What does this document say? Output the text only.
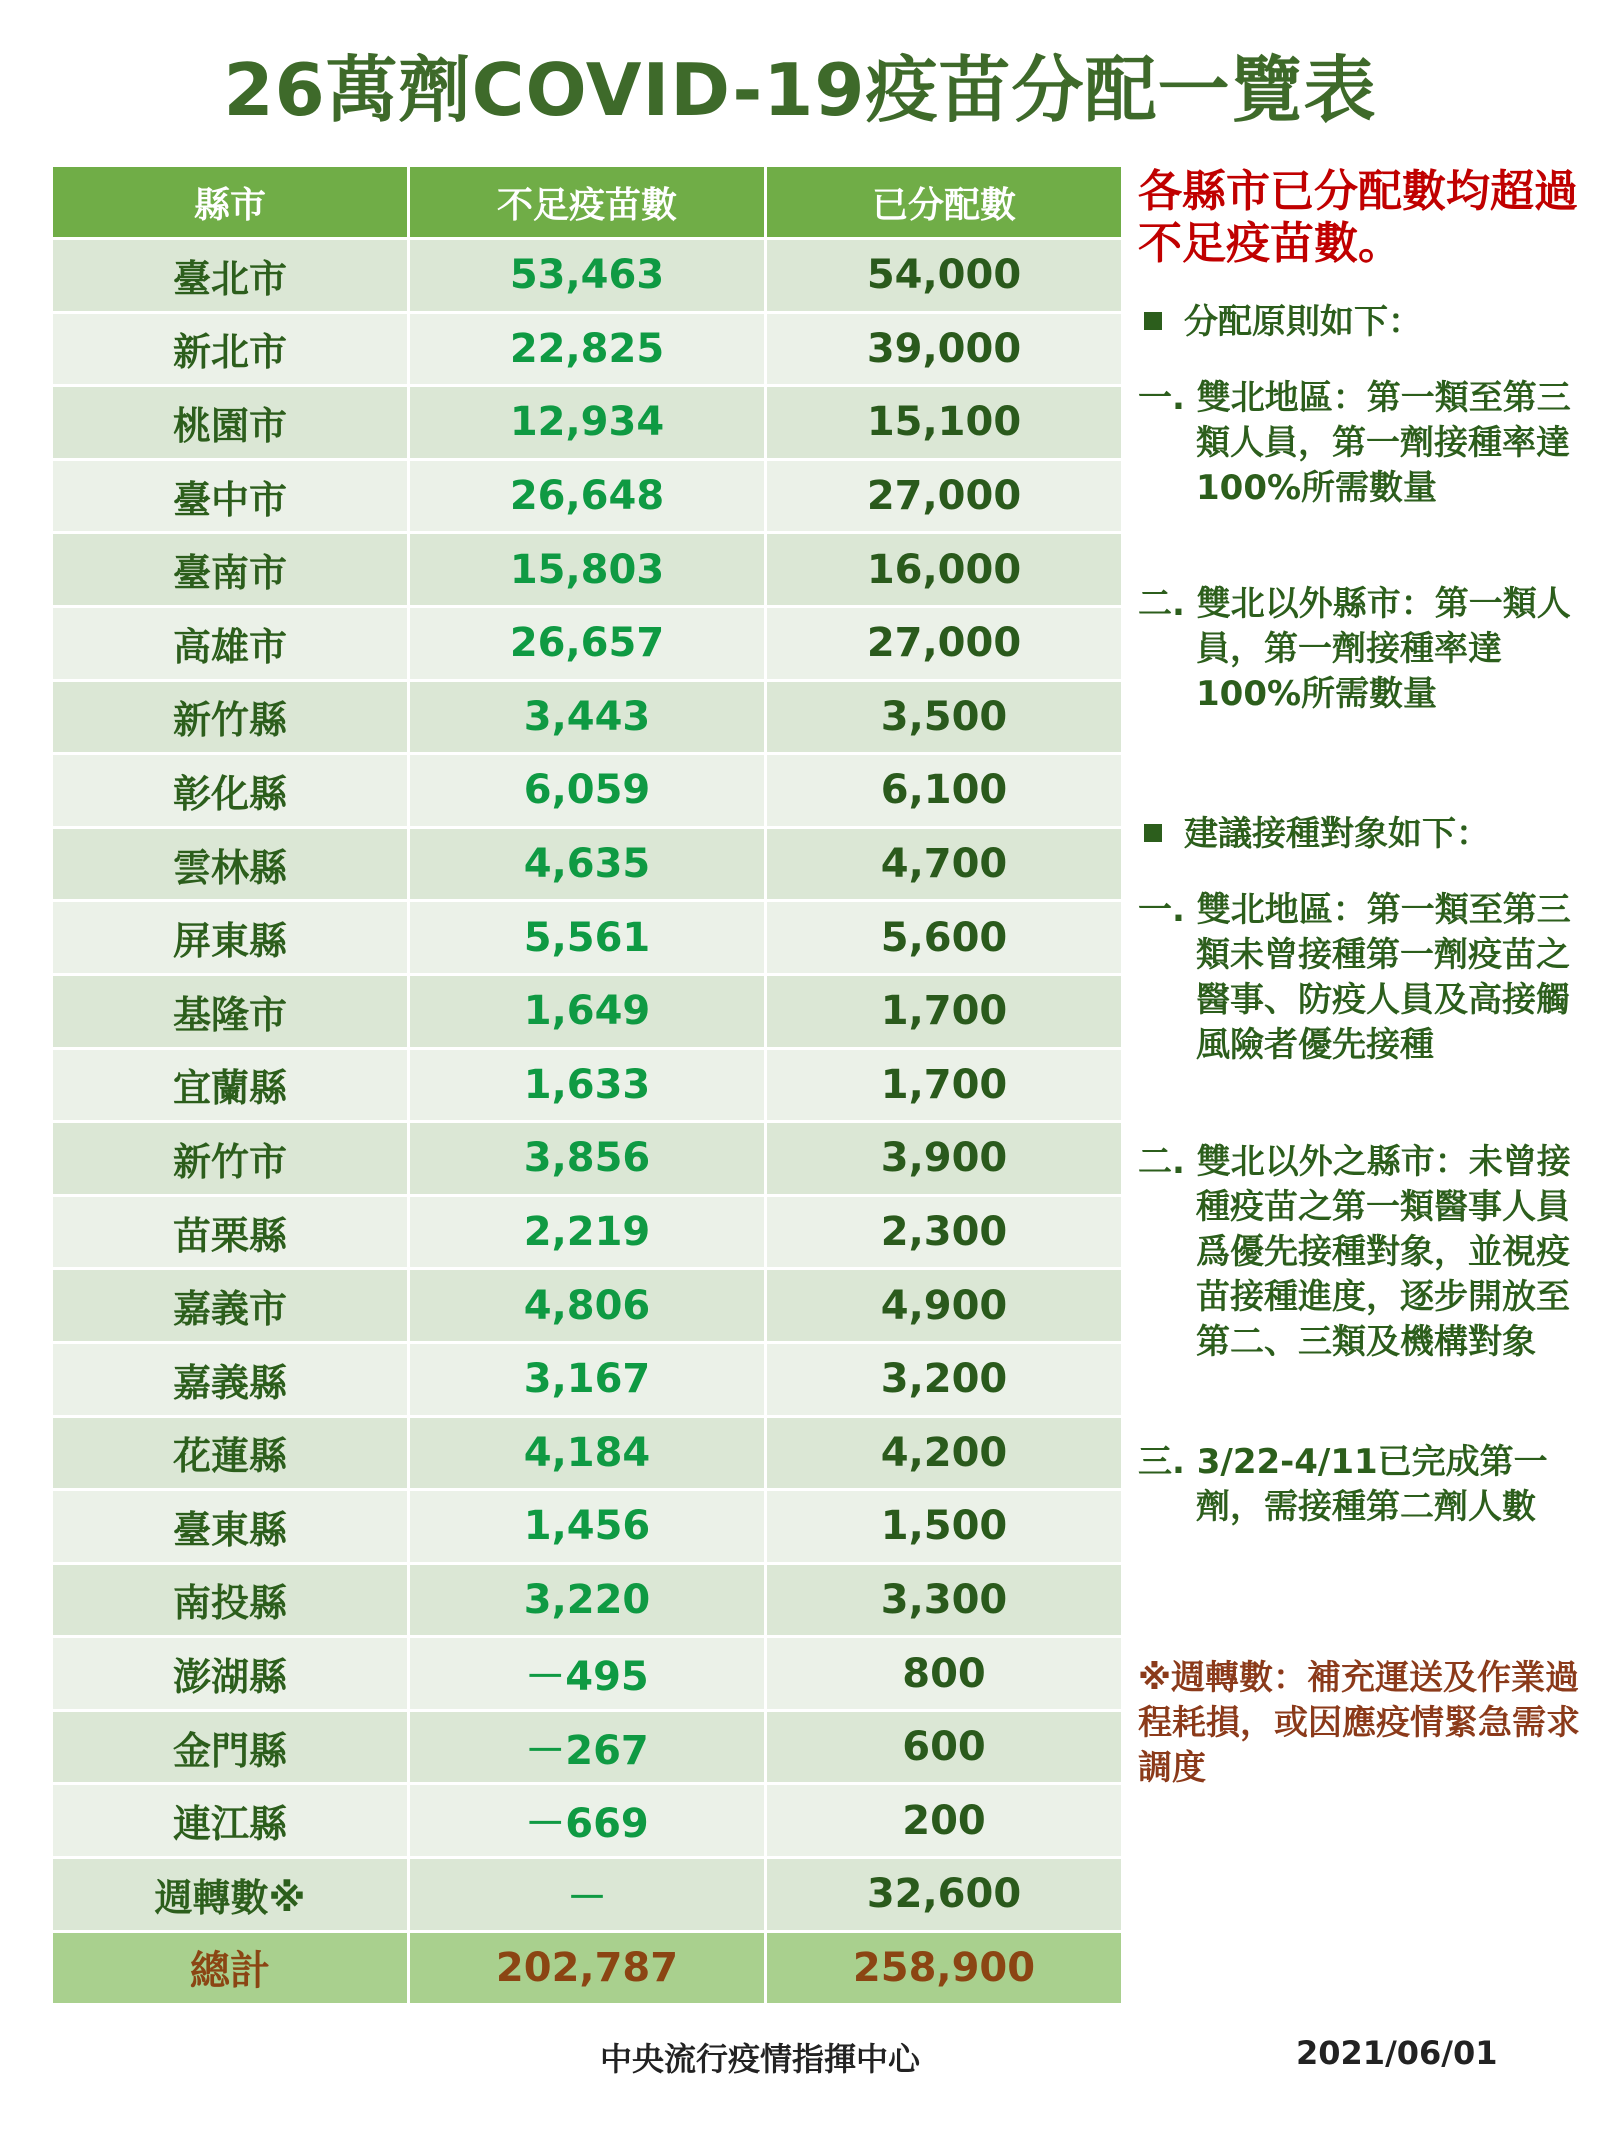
26萬劑COVID-19疫苗分配一覽表
縣市	不足疫苗數	已分配數
臺北市	53,463	54,000
新北市	22,825	39,000
桃園市	12,934	15,100
臺中市	26,648	27,000
臺南市	15,803	16,000
高雄市	26,657	27,000
新竹縣	3,443	3,500
彰化縣	6,059	6,100
雲林縣	4,635	4,700
屏東縣	5,561	5,600
基隆市	1,649	1,700
宜蘭縣	1,633	1,700
新竹市	3,856	3,900
苗栗縣	2,219	2,300
嘉義市	4,806	4,900
嘉義縣	3,167	3,200
花蓮縣	4,184	4,200
臺東縣	1,456	1,500
南投縣	3,220	3,300
澎湖縣	－495	800
金門縣	－267	600
連江縣	－669	200
週轉數※	－	32,600
總計	202,787	258,900
各縣市已分配數均超過不足疫苗數。
分配原則如下：
一. 雙北地區：第一類至第三類人員，第一劑接種率達100%所需數量
二. 雙北以外縣市：第一類人員，第一劑接種率達100%所需數量
建議接種對象如下：
一. 雙北地區：第一類至第三類未曾接種第一劑疫苗之醫事、防疫人員及高接觸風險者優先接種
二. 雙北以外之縣市：未曾接種疫苗之第一類醫事人員爲優先接種對象，並視疫苗接種進度，逐步開放至第二、三類及機構對象
三. 3/22-4/11已完成第一劑，需接種第二劑人數
※週轉數：補充運送及作業過程耗損，或因應疫情緊急需求調度
中央流行疫情指揮中心	2021/06/01
